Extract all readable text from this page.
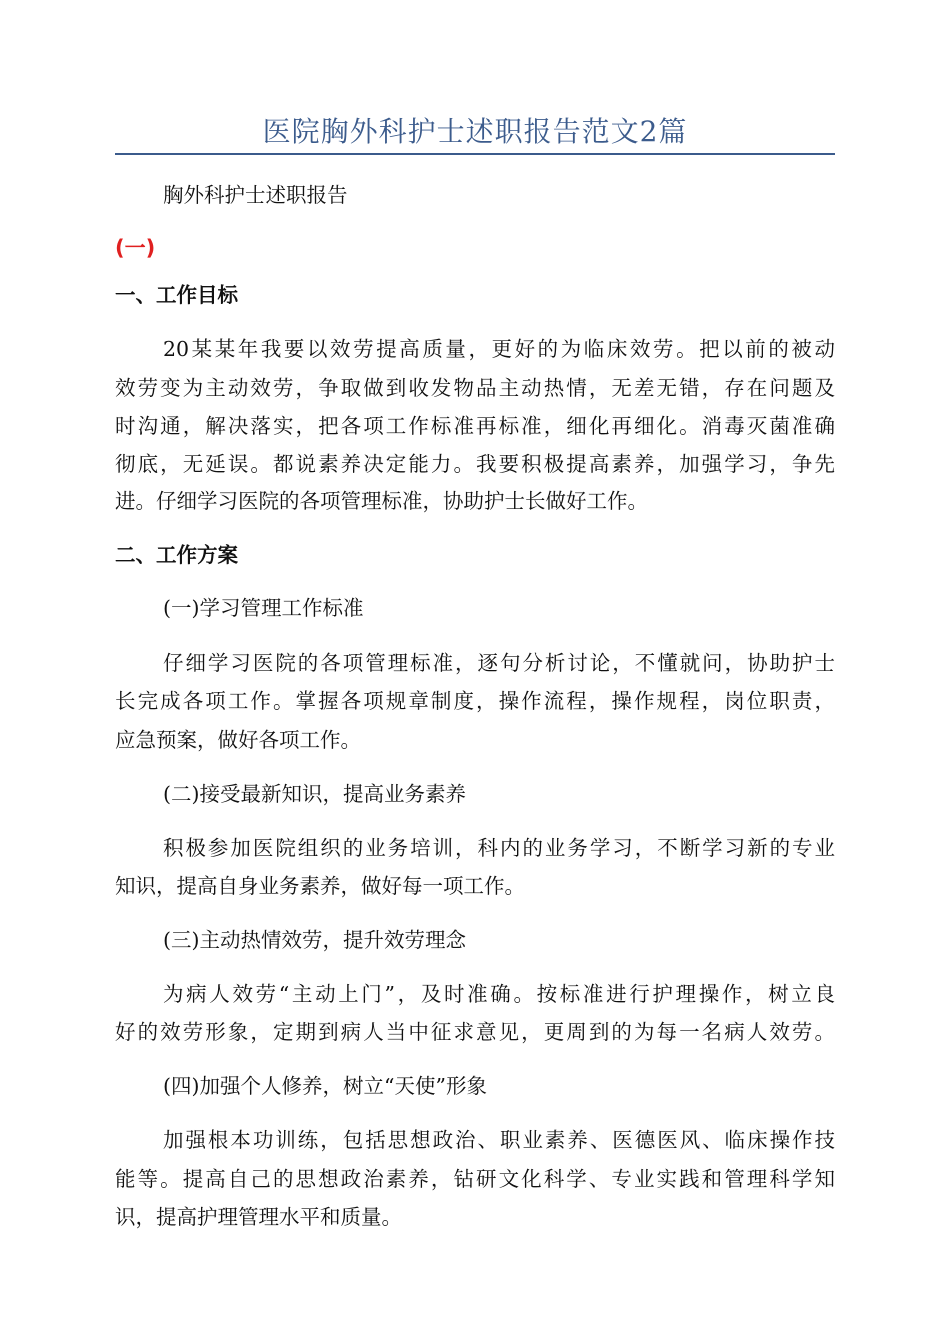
医院胸外科护士述职报告范文2篇
胸外科护士述职报告
(一)
一、工作目标
20某某年我要以效劳提高质量，更好的为临床效劳。把以前的被动
效劳变为主动效劳，争取做到收发物品主动热情，无差无错，存在问题及
时沟通，解决落实，把各项工作标准再标准，细化再细化。消毒灭菌准确
彻底，无延误。都说素养决定能力。我要积极提高素养，加强学习，争先
进。仔细学习医院的各项管理标准，协助护士长做好工作。
二、工作方案
(一)学习管理工作标准
仔细学习医院的各项管理标准，逐句分析讨论，不懂就问，协助护士
长完成各项工作。掌握各项规章制度，操作流程，操作规程，岗位职责，
应急预案，做好各项工作。
(二)接受最新知识，提高业务素养
积极参加医院组织的业务培训，科内的业务学习，不断学习新的专业
知识，提高自身业务素养，做好每一项工作。
(三)主动热情效劳，提升效劳理念
为病人效劳“主动上门”，及时准确。按标准进行护理操作，树立良
好的效劳形象，定期到病人当中征求意见，更周到的为每一名病人效劳。
(四)加强个人修养，树立“天使”形象
加强根本功训练，包括思想政治、职业素养、医德医风、临床操作技
能等。提高自己的思想政治素养，钻研文化科学、专业实践和管理科学知
识，提高护理管理水平和质量。
